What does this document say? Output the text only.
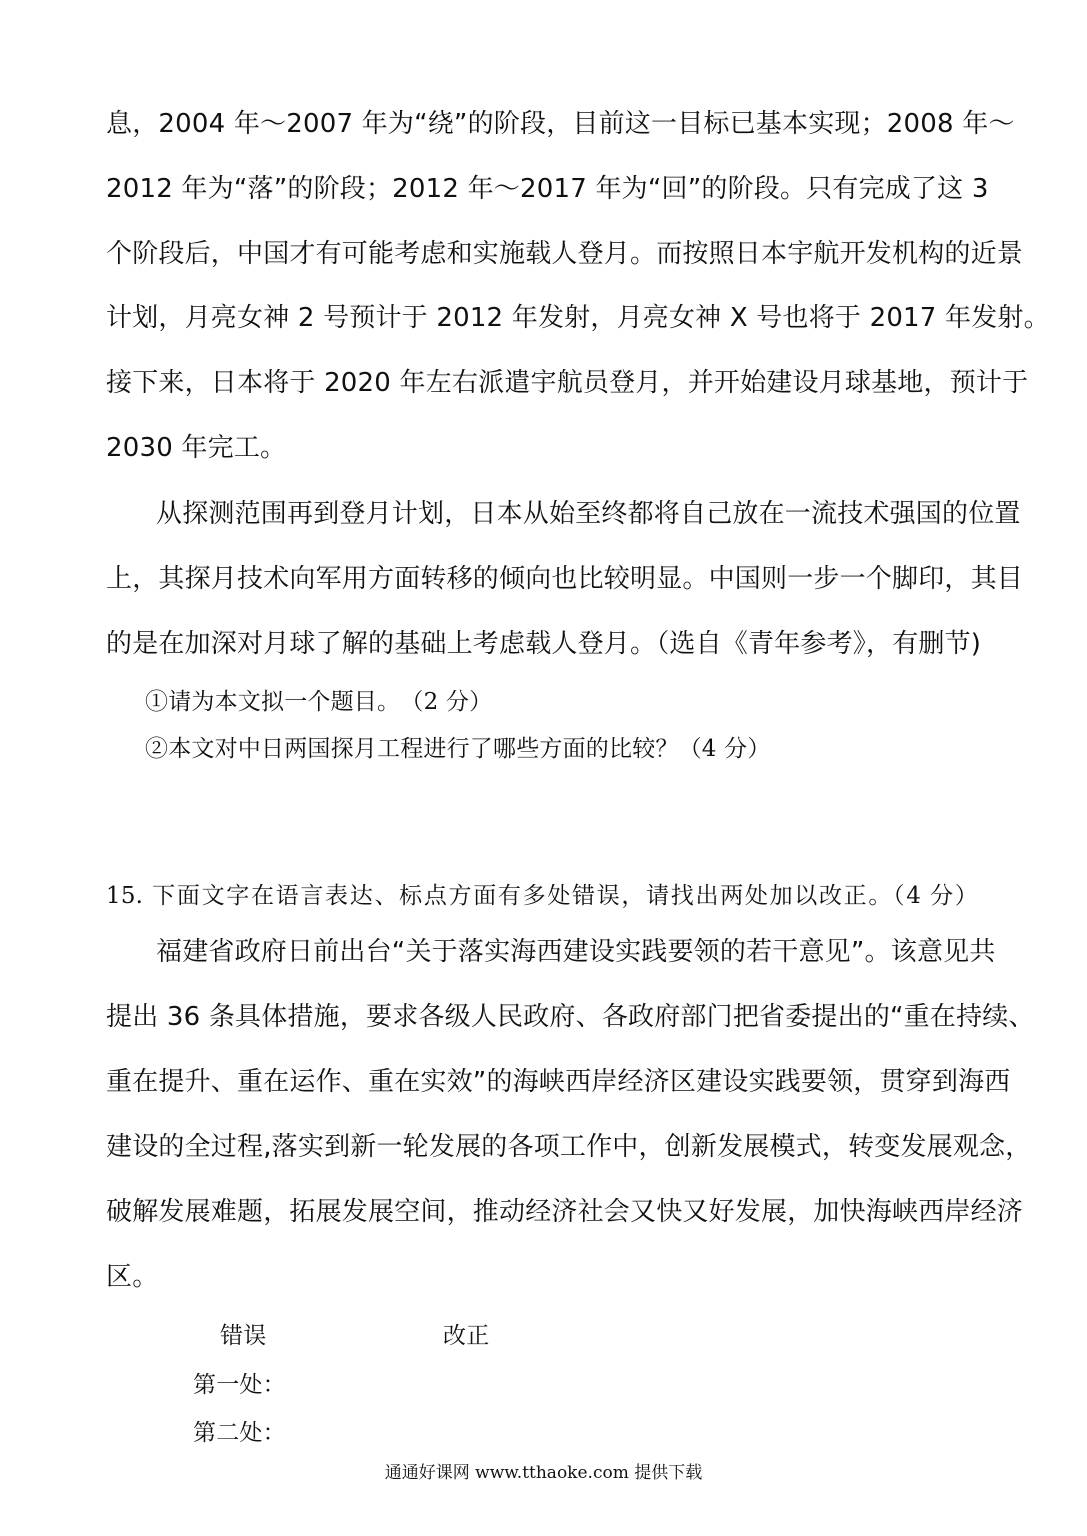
息，2004 年～2007 年为“绕”的阶段，目前这一目标已基本实现；2008 年～
2012 年为“落”的阶段；2012 年～2017 年为“回”的阶段。只有完成了这 3
个阶段后，中国才有可能考虑和实施载人登月。而按照日本宇航开发机构的近景
计划，月亮女神 2 号预计于 2012 年发射，月亮女神 X 号也将于 2017 年发射。
接下来，日本将于 2020 年左右派遣宇航员登月，并开始建设月球基地，预计于
2030 年完工。
从探测范围再到登月计划，日本从始至终都将自己放在一流技术强国的位置
上，其探月技术向军用方面转移的倾向也比较明显。中国则一步一个脚印，其目
的是在加深对月球了解的基础上考虑载人登月。（选自《青年参考》，有删节)
①请为本文拟一个题目。　（2 分）
②本文对中日两国探月工程进行了哪些方面的比较？（4 分）
15. 下面文字在语言表达、标点方面有多处错误，请找出两处加以改正。（4 分）
福建省政府日前出台“关于落实海西建设实践要领的若干意见”。该意见共
提出 36 条具体措施，要求各级人民政府、各政府部门把省委提出的“重在持续、
重在提升、重在运作、重在实效”的海峡西岸经济区建设实践要领，贯穿到海西
建设的全过程,落实到新一轮发展的各项工作中，创新发展模式，转变发展观念，
破解发展难题，拓展发展空间，推动经济社会又快又好发展，加快海峡西岸经济
区。
错误	改正
第一处：
第二处：
通通好课网 www.tthaoke.com 提供下载
